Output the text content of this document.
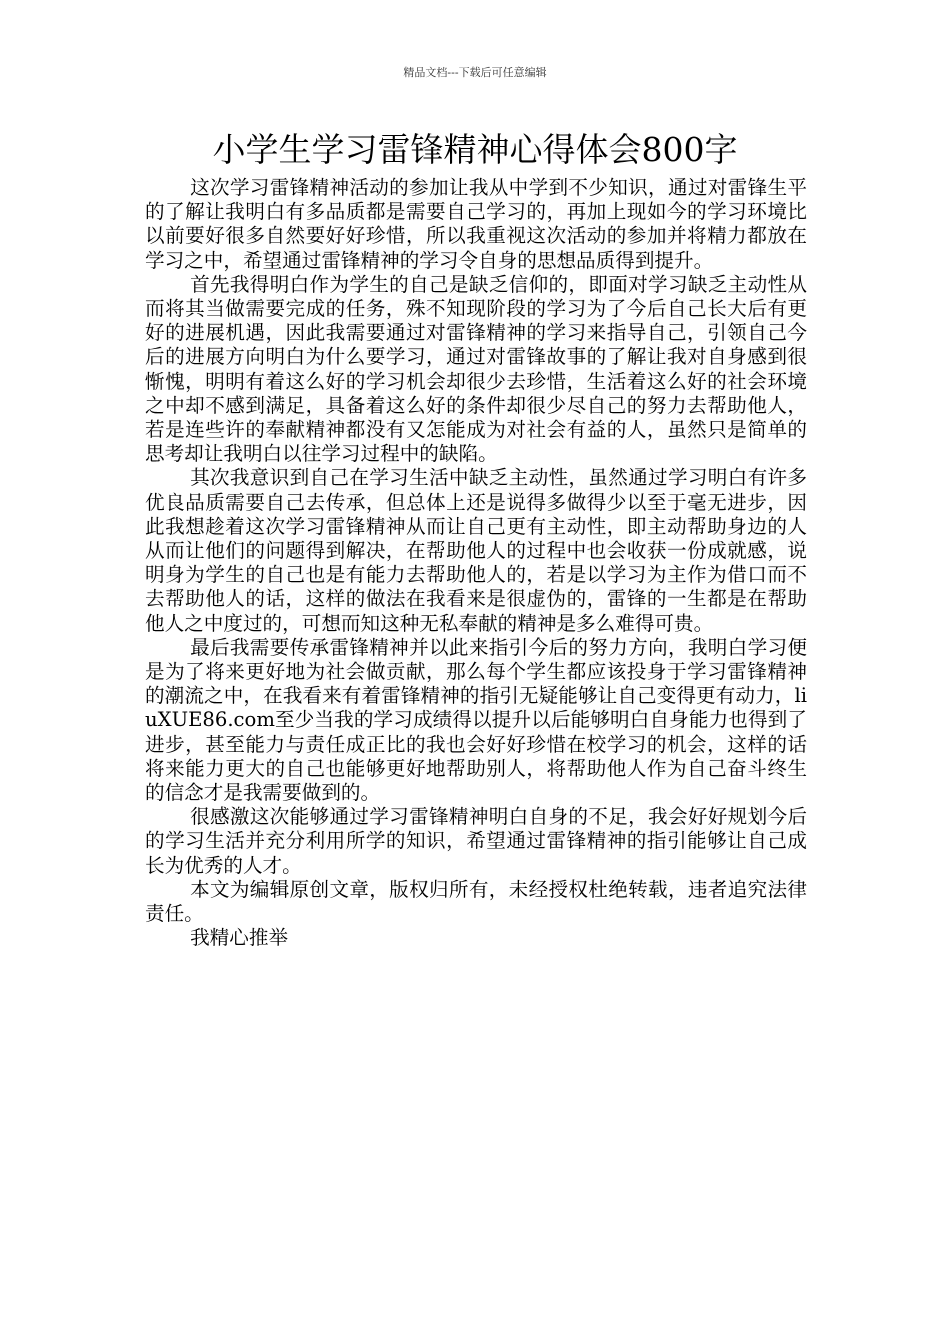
精品文档---下载后可任意编辑
小学生学习雷锋精神心得体会800字

这次学习雷锋精神活动的参加让我从中学到不少知识，通过对雷锋生平的了解让我明白有多品质都是需要自己学习的，再加上现如今的学习环境比以前要好很多自然要好好珍惜，所以我重视这次活动的参加并将精力都放在学习之中，希望通过雷锋精神的学习令自身的思想品质得到提升。

首先我得明白作为学生的自己是缺乏信仰的，即面对学习缺乏主动性从而将其当做需要完成的任务，殊不知现阶段的学习为了今后自己长大后有更好的进展机遇，因此我需要通过对雷锋精神的学习来指导自己，引领自己今后的进展方向明白为什么要学习，通过对雷锋故事的了解让我对自身感到很惭愧，明明有着这么好的学习机会却很少去珍惜，生活着这么好的社会环境之中却不感到满足，具备着这么好的条件却很少尽自己的努力去帮助他人，若是连些许的奉献精神都没有又怎能成为对社会有益的人，虽然只是简单的思考却让我明白以往学习过程中的缺陷。

其次我意识到自己在学习生活中缺乏主动性，虽然通过学习明白有许多优良品质需要自己去传承，但总体上还是说得多做得少以至于毫无进步，因此我想趁着这次学习雷锋精神从而让自己更有主动性，即主动帮助身边的人从而让他们的问题得到解决，在帮助他人的过程中也会收获一份成就感，说明身为学生的自己也是有能力去帮助他人的，若是以学习为主作为借口而不去帮助他人的话，这样的做法在我看来是很虚伪的，雷锋的一生都是在帮助他人之中度过的，可想而知这种无私奉献的精神是多么难得可贵。

最后我需要传承雷锋精神并以此来指引今后的努力方向，我明白学习便是为了将来更好地为社会做贡献，那么每个学生都应该投身于学习雷锋精神的潮流之中，在我看来有着雷锋精神的指引无疑能够让自己变得更有动力，liuXUE86.com至少当我的学习成绩得以提升以后能够明白自身能力也得到了进步，甚至能力与责任成正比的我也会好好珍惜在校学习的机会，这样的话将来能力更大的自己也能够更好地帮助别人，将帮助他人作为自己奋斗终生的信念才是我需要做到的。

很感激这次能够通过学习雷锋精神明白自身的不足，我会好好规划今后的学习生活并充分利用所学的知识，希望通过雷锋精神的指引能够让自己成长为优秀的人才。

本文为编辑原创文章，版权归所有，未经授权杜绝转载，违者追究法律责任。

我精心推举
